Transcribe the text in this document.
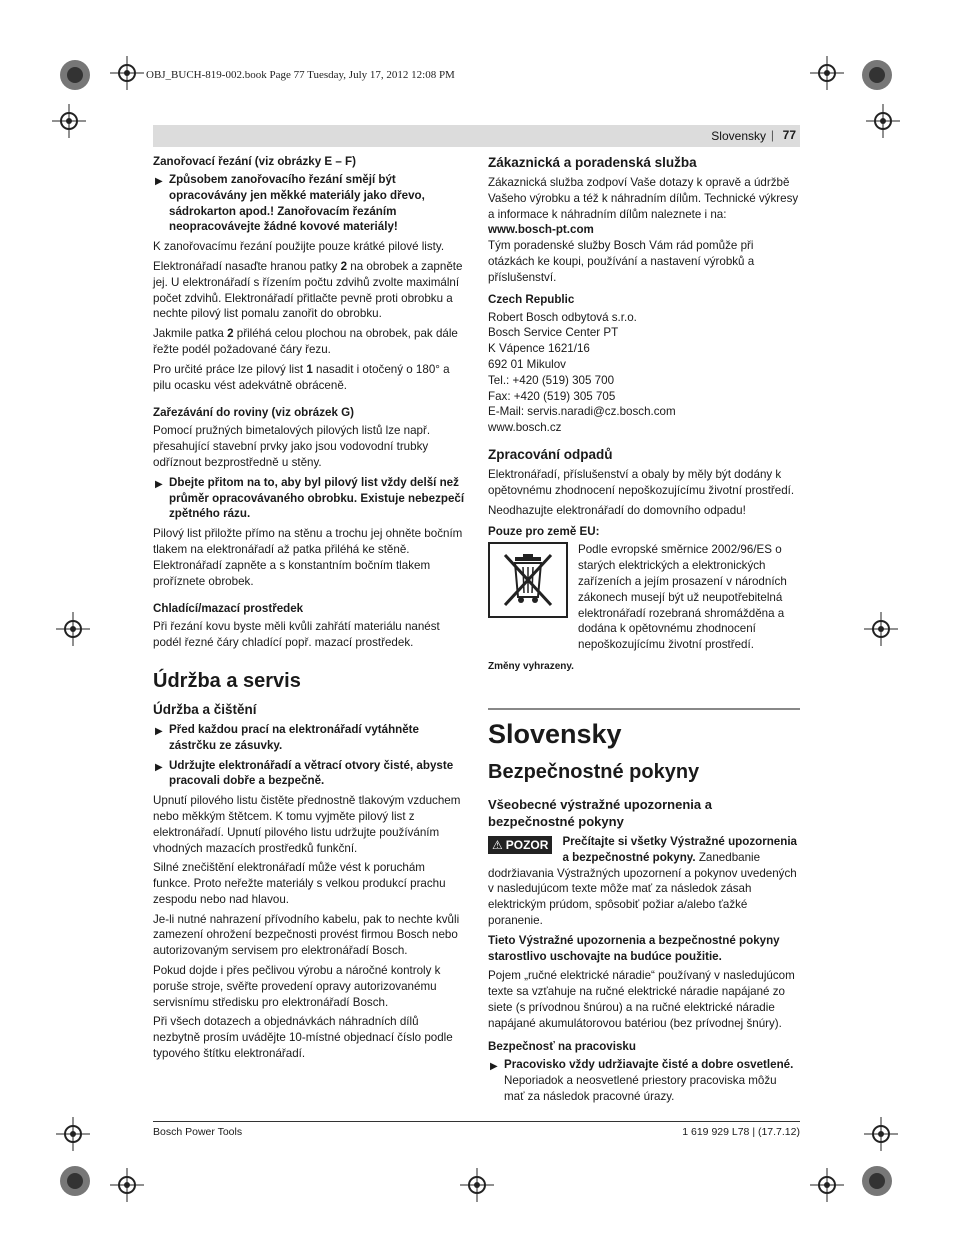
OBJ_BUCH-819-002.book Page 77 Tuesday, July 17, 2012 12:08 PM
Slovensky | 77
Zanořovací řezání (viz obrázky E – F)
▶ Způsobem zanořovacího řezání smějí být opracovávány jen měkké materiály jako dřevo, sádrokarton apod.! Zanořovacím řezáním neopracovávejte žádné kovové materiály!

K zanořovacímu řezání použijte pouze krátké pilové listy.

Elektronářadí nasaďte hranou patky 2 na obrobek a zapněte jej. U elektronářadí s řízením počtu zdvihů zvolte maximální počet zdvihů. Elektronářadí přitlačte pevně proti obrobku a nechte pilový list pomalu zanořit do obrobku.

Jakmile patka 2 přiléhá celou plochou na obrobek, pak dále řežte podél požadované čáry řezu.

Pro určité práce lze pilový list 1 nasadit i otočený o 180° a pilu ocasku vést adekvátně obráceně.

Zařezávání do roviny (viz obrázek G)

Pomocí pružných bimetalových pilových listů lze např. přesahující stavební prvky jako jsou vodovodní trubky odříznout bezprostředně u stěny.

▶ Dbejte přitom na to, aby byl pilový list vždy delší než průměr opracovávaného obrobku. Existuje nebezpečí zpětného rázu.

Pilový list přiložte přímo na stěnu a trochu jej ohněte bočním tlakem na elektronářadí až patka přiléhá ke stěně. Elektronářadí zapněte a s konstantním bočním tlakem proříznete obrobek.

Chladící/mazací prostředek

Při řezání kovu byste měli kvůli zahřátí materiálu nanést podél řezné čáry chladící popř. mazací prostředek.

Údržba a servis
Údržba a čištění
▶ Před každou prací na elektronářadí vytáhněte zástrčku ze zásuvky.
▶ Udržujte elektronářadí a větrací otvory čisté, abyste pracovali dobře a bezpečně.

Upnutí pilového listu čistěte přednostně tlakovým vzduchem nebo měkkým štětcem. K tomu vyjměte pilový list z elektronářadí. Upnutí pilového listu udržujte používáním vhodných mazacích prostředků funkční.

Silné znečištění elektronářadí může vést k poruchám funkce. Proto neřežte materiály s velkou produkcí prachu zespodu nebo nad hlavou.

Je-li nutné nahrazení přívodního kabelu, pak to nechte kvůli zamezení ohrožení bezpečnosti provést firmou Bosch nebo autorizovaným servisem pro elektronářadí Bosch.

Pokud dojde i přes pečlivou výrobu a náročné kontroly k poruše stroje, svěřte provedení opravy autorizovanému servisnímu středisku pro elektronářadí Bosch.

Při všech dotazech a objednávkách náhradních dílů nezbytně prosím uvádějte 10-místné objednací číslo podle typového štítku elektronářadí.

Zákaznická a poradenská služba

Zákaznická služba zodpoví Vaše dotazy k opravě a údržbě Vašeho výrobku a též k náhradním dílům. Technické výkresy a informace k náhradním dílům naleznete i na:

www.bosch-pt.com

Tým poradenské služby Bosch Vám rád pomůže při otázkách ke koupi, používání a nastavení výrobků a příslušenství.

Czech Republic
Robert Bosch odbytová s.r.o.
Bosch Service Center PT
K Vápence 1621/16
692 01 Mikulov
Tel.: +420 (519) 305 700
Fax: +420 (519) 305 705
E-Mail: servis.naradi@cz.bosch.com
www.bosch.cz
Zpracování odpadů

Elektronářadí, příslušenství a obaly by měly být dodány k opětovnému zhodnocení nepoškozujícímu životní prostředí.

Neodhazujte elektronářadí do domovního odpadu!

Pouze pro země EU:

Podle evropské směrnice 2002/96/ES o starých elektrických a elektronických zařízeních a jejím prosazení v národních zákonech musejí být už neupotřebitelná elektronářadí rozebraná shromážděna a dodána k opětovnému zhodnocení nepoškozujícímu životní prostředí.

Změny vyhrazeny.
Slovensky
Bezpečnostné pokyny
Všeobecné výstražné upozornenia a bezpečnostné pokyny
⚠ POZOR	Prečítajte si všetky Výstražné upozornenia a bezpečnostné pokyny. Zanedbanie dodržiavania Výstražných upozornení a pokynov uvedených v nasledujúcom texte môže mať za následok zásah elektrickým prúdom, spôsobiť požiar a/alebo ťažké poranenie.

Tieto Výstražné upozornenia a bezpečnostné pokyny starostlivo uschovajte na budúce použitie.

Pojem „ručné elektrické náradie“ používaný v nasledujúcom texte sa vzťahuje na ručné elektrické náradie napájané zo siete (s prívodnou šnúrou) a na ručné elektrické náradie napájané akumulátorovou batériou (bez prívodnej šnúry).

Bezpečnosť na pracovisku
▶ Pracovisko vždy udržiavajte čisté a dobre osvetlené. Neporiadok a neosvetlené priestory pracoviska môžu mať za následok pracovné úrazy.
Bosch Power Tools	1 619 929 L78 | (17.7.12)
